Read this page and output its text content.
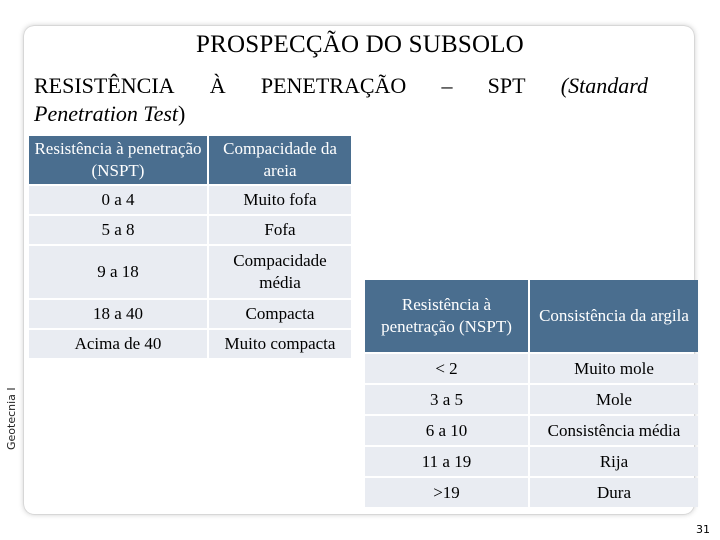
PROSPECÇÃO DO SUBSOLO
RESISTÊNCIA À PENETRAÇÃO – SPT (Standard
Penetration Test)
Resistência à penetração (NSPT)	Compacidade da areia
0 a 4	Muito fofa
5 a 8	Fofa
9 a 18	Compacidade média
18 a 40	Compacta
Acima de 40	Muito compacta
Resistência à penetração (NSPT)	Consistência da argila
< 2	Muito mole
3 a 5	Mole
6 a 10	Consistência média
11 a 19	Rija
>19	Dura
Geotecnia I
31
